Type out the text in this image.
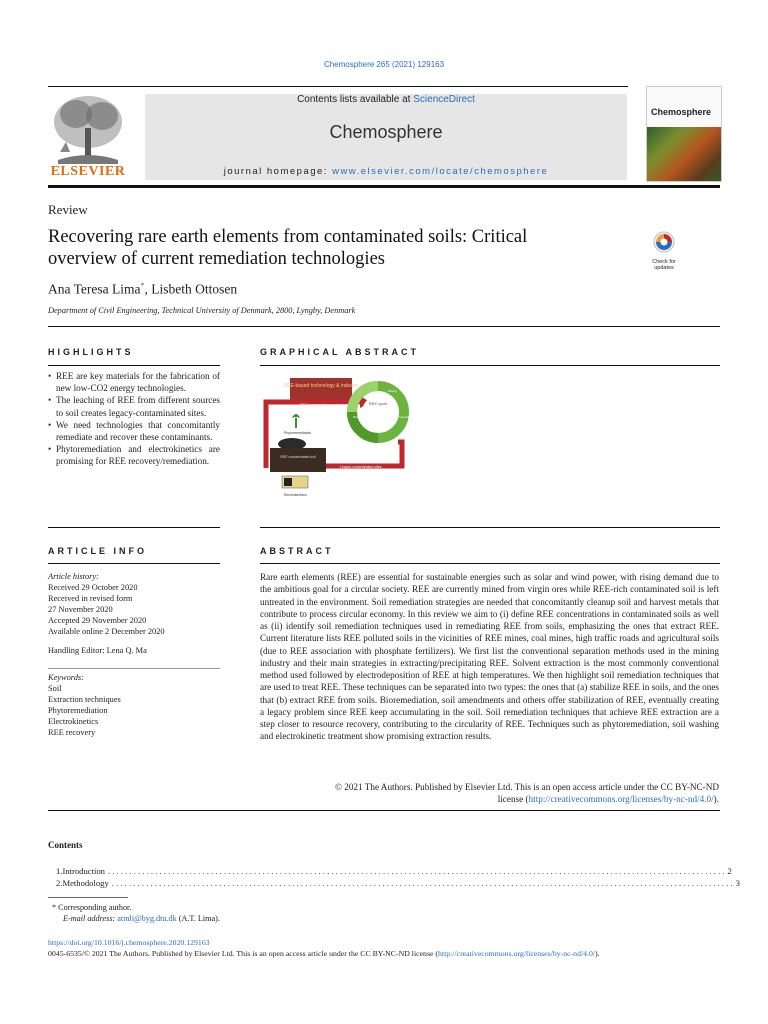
Chemosphere 265 (2021) 129163
ELSEVIER
Contents lists available at ScienceDirect
Chemosphere
journal homepage: www.elsevier.com/locate/chemosphere
Chemosphere
Review
Recovering rare earth elements from contaminated soils: Critical
overview of current remediation technologies	Check for
updates
Ana Teresa Lima*, Lisbeth Ottosen
Department of Civil Engineering, Technical University of Denmark, 2800, Lyngby, Denmark
HIGHLIGHTS
• REE are key materials for the fabrication of new low-CO2 energy technologies.
• The leaching of REE from different sources to soil creates legacy-contaminated sites.
• We need technologies that concomitantly remediate and recover these contaminants.
• Phytoremediation and electrokinetics are promising for REE recovery/remediation.
GRAPHICAL ABSTRACT
REE-based technology & industry
REE recovery from contaminated sites
Legacy contaminated sites
REE cycle
Mining
Processing
Use
Disposal
Phytoremediation
REE contaminated soil
Electrokinetics
ARTICLE INFO
Article history:
Received 29 October 2020
Received in revised form
27 November 2020
Accepted 29 November 2020
Available online 2 December 2020
Handling Editor: Lena Q. Ma
Keywords:
Soil
Extraction techniques
Phytoremediation
Electrokinetics
REE recovery
ABSTRACT
Rare earth elements (REE) are essential for sustainable energies such as solar and wind power, with rising demand due to the ambitious goal for a circular society. REE are currently mined from virgin ores while REE-rich contaminated soil is left untreated in the environment. Soil remediation strategies are needed that concomitantly cleanup soil and harvest metals that contribute to process circular economy. In this review we aim to (i) define REE concentrations in contaminated soils as well as (ii) identify soil remediation techniques used in remediating REE from soils, emphasizing the ones that extract REE. Current literature lists REE polluted soils in the vicinities of REE mines, coal mines, high traffic roads and agricultural soils (due to REE association with phosphate fertilizers). We first list the conventional separation methods used in the mining industry and their main strategies in extracting/precipitating REE. Solvent extraction is the most commonly conventional method used followed by electrodeposition of REE at high temperatures. We then highlight soil remediation techniques that are used to treat REE. These techniques can be separated into two types: the ones that (a) stabilize REE in soils, and the ones that (b) extract REE from soils. Bioremediation, soil amendments and others offer stabilization of REE, eventually creating a legacy problem since REE keep accumulating in the soil. Soil remediation techniques that achieve REE extraction are a step closer to resource recovery, contributing to the circularity of REE. Techniques such as phytoremediation, soil washing and electrokinetic treatment show promising extraction results.
© 2021 The Authors. Published by Elsevier Ltd. This is an open access article under the CC BY-NC-ND
license (http://creativecommons.org/licenses/by-nc-nd/4.0/).
Contents
1. Introduction . . . . . . . . . . . . . . . . . . . . . . . . . . . . . . . . . . . . . . . . . . . . . . . . . . . . . . . . . . . . . . . . . . . . . . . . . . . . . . . . . . . . . . . . . . . . . . . . . . . . . . . . . . . . . . . . . . . . . . . . . . . . . . . . . . . . . . . . . . . . . . . . 2
2. Methodology . . . . . . . . . . . . . . . . . . . . . . . . . . . . . . . . . . . . . . . . . . . . . . . . . . . . . . . . . . . . . . . . . . . . . . . . . . . . . . . . . . . . . . . . . . . . . . . . . . . . . . . . . . . . . . . . . . . . . . . . . . . . . . . . . . . . . . . . . . . . . . . . . 3
* Corresponding author.
E-mail address: atmli@byg.dtu.dk (A.T. Lima).
https://doi.org/10.1016/j.chemosphere.2020.129163
0045-6535/© 2021 The Authors. Published by Elsevier Ltd. This is an open access article under the CC BY-NC-ND license (http://creativecommons.org/licenses/by-nc-nd/4.0/).
